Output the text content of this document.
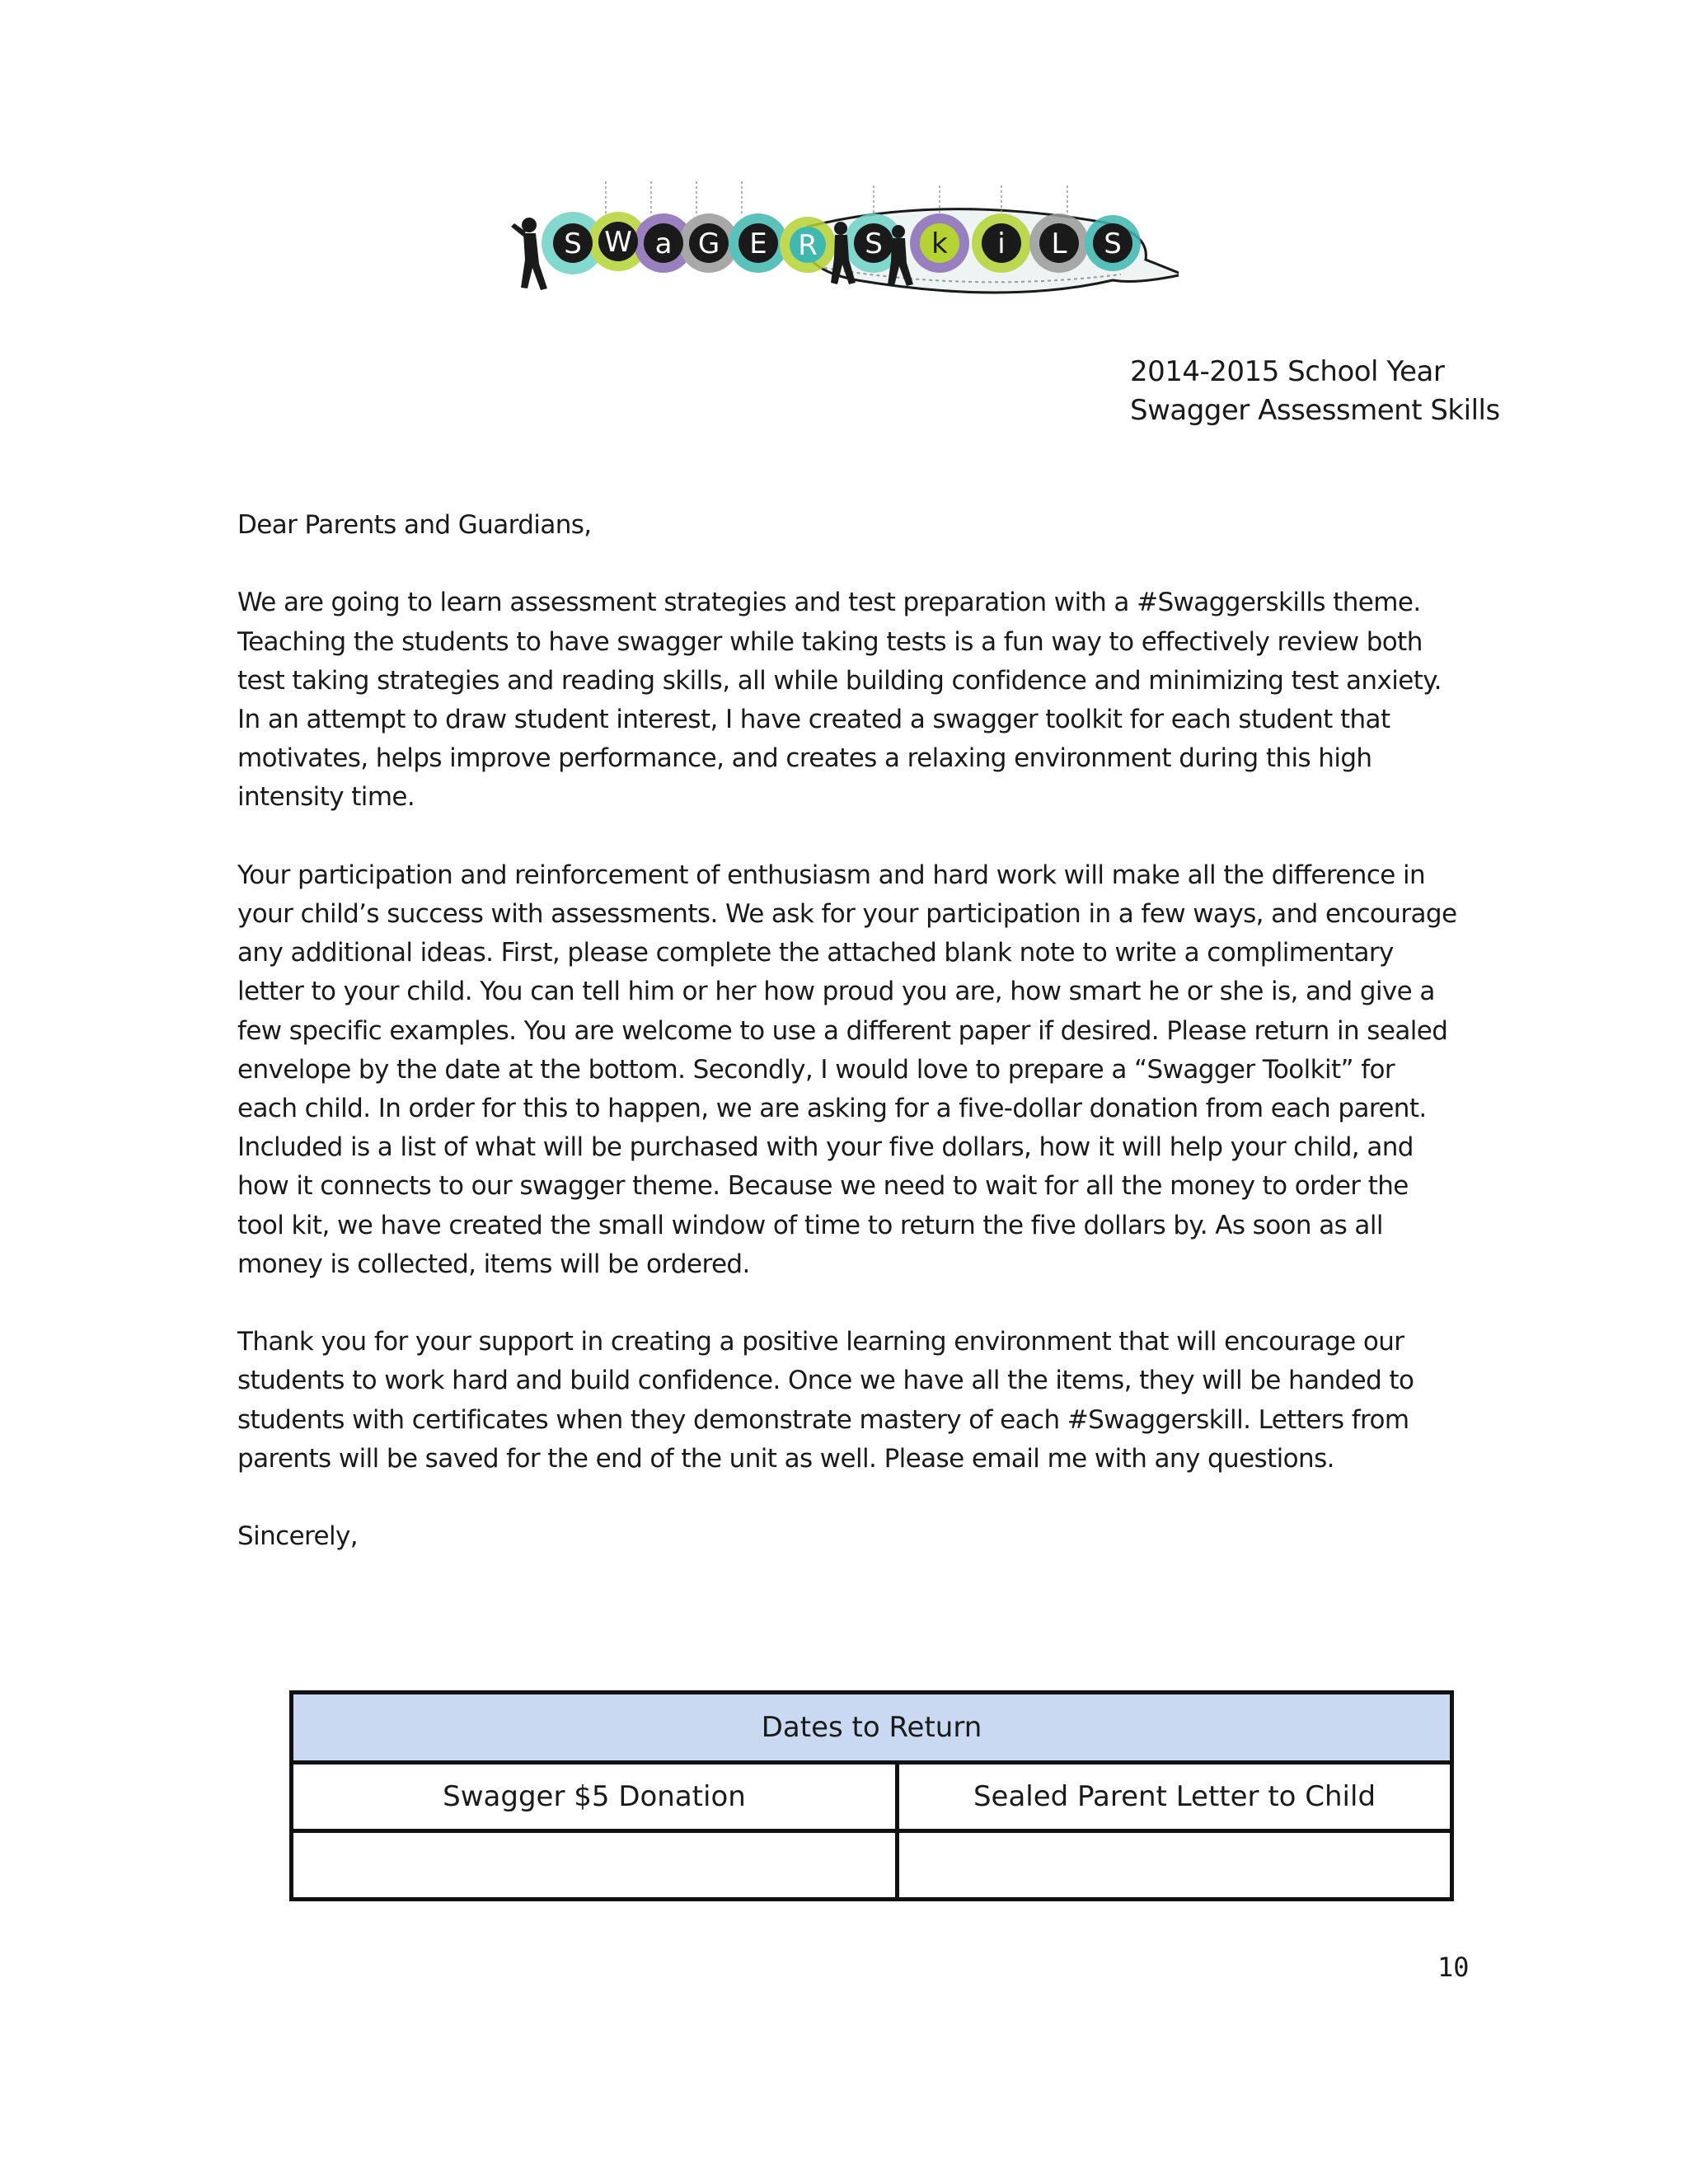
S W a G E R S k i L S
2014-2015 School Year
Swagger Assessment Skills

Dear Parents and Guardians,

We are going to learn assessment strategies and test preparation with a #Swaggerskills theme. Teaching the students to have swagger while taking tests is a fun way to effectively review both test taking strategies and reading skills, all while building confidence and minimizing test anxiety. In an attempt to draw student interest, I have created a swagger toolkit for each student that motivates, helps improve performance, and creates a relaxing environment during this high intensity time.

Your participation and reinforcement of enthusiasm and hard work will make all the difference in your child’s success with assessments. We ask for your participation in a few ways, and encourage any additional ideas. First, please complete the attached blank note to write a complimentary letter to your child. You can tell him or her how proud you are, how smart he or she is, and give a few specific examples. You are welcome to use a different paper if desired. Please return in sealed envelope by the date at the bottom. Secondly, I would love to prepare a “Swagger Toolkit” for each child. In order for this to happen, we are asking for a five-dollar donation from each parent. Included is a list of what will be purchased with your five dollars, how it will help your child, and how it connects to our swagger theme. Because we need to wait for all the money to order the tool kit, we have created the small window of time to return the five dollars by. As soon as all money is collected, items will be ordered.

Thank you for your support in creating a positive learning environment that will encourage our students to work hard and build confidence. Once we have all the items, they will be handed to students with certificates when they demonstrate mastery of each #Swaggerskill. Letters from parents will be saved for the end of the unit as well. Please email me with any questions.

Sincerely,

Dates to Return	
Swagger $5 Donation	Sealed Parent Letter to Child

10
